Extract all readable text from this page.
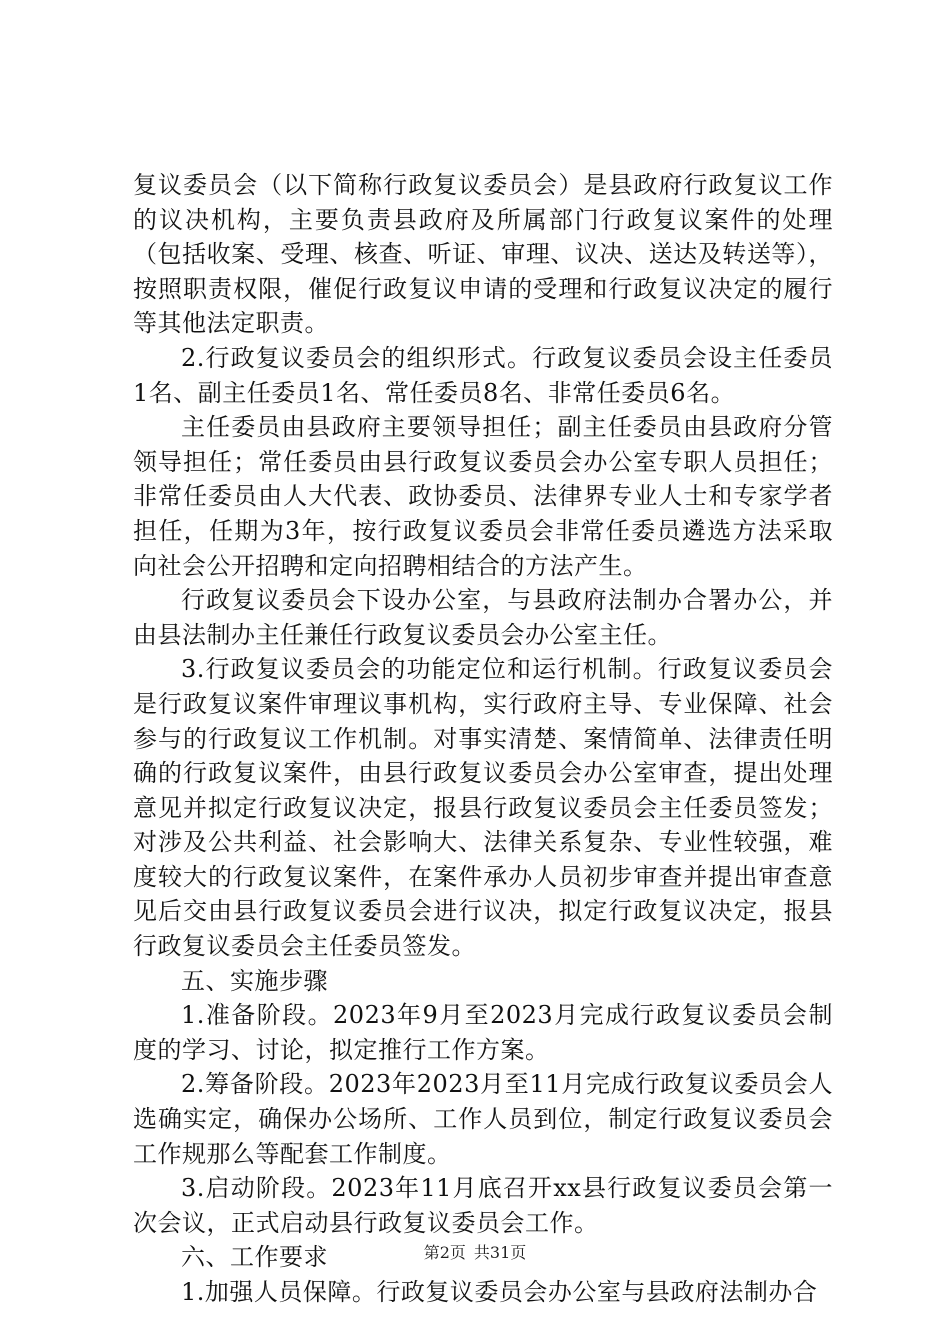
复议委员会（以下简称行政复议委员会）是县政府行政复议工作的议决机构，主要负责县政府及所属部门行政复议案件的处理（包括收案、受理、核查、听证、审理、议决、送达及转送等），按照职责权限，催促行政复议申请的受理和行政复议决定的履行等其他法定职责。

2.行政复议委员会的组织形式。行政复议委员会设主任委员1名、副主任委员1名、常任委员8名、非常任委员6名。

主任委员由县政府主要领导担任；副主任委员由县政府分管领导担任；常任委员由县行政复议委员会办公室专职人员担任；非常任委员由人大代表、政协委员、法律界专业人士和专家学者担任，任期为3年，按行政复议委员会非常任委员遴选方法采取向社会公开招聘和定向招聘相结合的方法产生。

行政复议委员会下设办公室，与县政府法制办合署办公，并由县法制办主任兼任行政复议委员会办公室主任。

3.行政复议委员会的功能定位和运行机制。行政复议委员会是行政复议案件审理议事机构，实行政府主导、专业保障、社会参与的行政复议工作机制。对事实清楚、案情简单、法律责任明确的行政复议案件，由县行政复议委员会办公室审查，提出处理意见并拟定行政复议决定，报县行政复议委员会主任委员签发；对涉及公共利益、社会影响大、法律关系复杂、专业性较强，难度较大的行政复议案件，在案件承办人员初步审查并提出审查意见后交由县行政复议委员会进行议决，拟定行政复议决定，报县行政复议委员会主任委员签发。

五、实施步骤

1.准备阶段。2023年9月至2023月完成行政复议委员会制度的学习、讨论，拟定推行工作方案。

2.筹备阶段。2023年2023月至11月完成行政复议委员会人选确实定，确保办公场所、工作人员到位，制定行政复议委员会工作规那么等配套工作制度。

3.启动阶段。2023年11月底召开xx县行政复议委员会第一次会议，正式启动县行政复议委员会工作。

六、工作要求

1.加强人员保障。行政复议委员会办公室与县政府法制办合

第2页 共31页
